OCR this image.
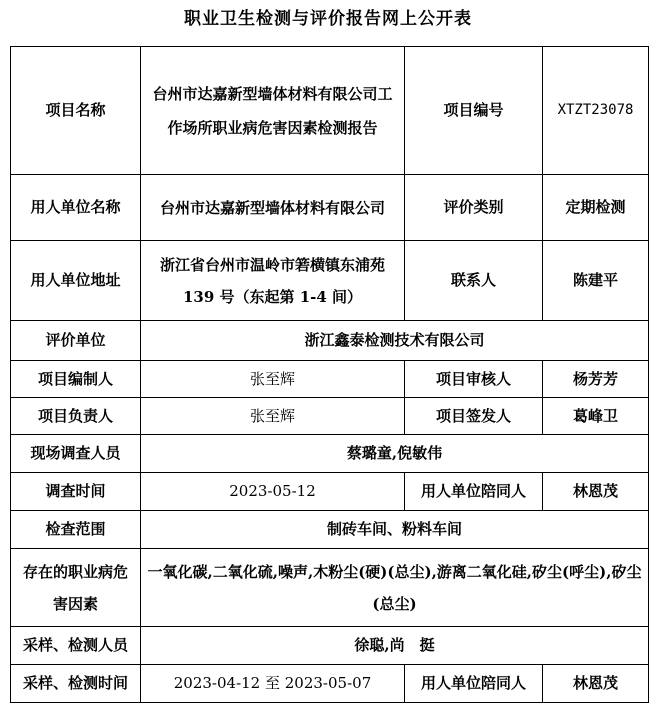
职业卫生检测与评价报告网上公开表
项目名称	台州市达嘉新型墙体材料有限公司工作场所职业病危害因素检测报告	项目编号	XTZT23078
用人单位名称	台州市达嘉新型墙体材料有限公司	评价类别	定期检测
用人单位地址	浙江省台州市温岭市箬横镇东浦苑 139 号（东起第 1-4 间）	联系人	陈建平
评价单位	浙江鑫泰检测技术有限公司		
项目编制人	张至辉	项目审核人	杨芳芳
项目负责人	张至辉	项目签发人	葛峰卫
现场调查人员	蔡璐童,倪敏伟		
调查时间	2023-05-12	用人单位陪同人	林恩茂
检查范围	制砖车间、粉料车间		
存在的职业病危害因素	一氧化碳,二氧化硫,噪声,木粉尘(硬)(总尘),游离二氧化硅,矽尘(呼尘),矽尘(总尘)		
采样、检测人员	徐聪,尚　挺		
采样、检测时间	2023-04-12 至 2023-05-07	用人单位陪同人	林恩茂
